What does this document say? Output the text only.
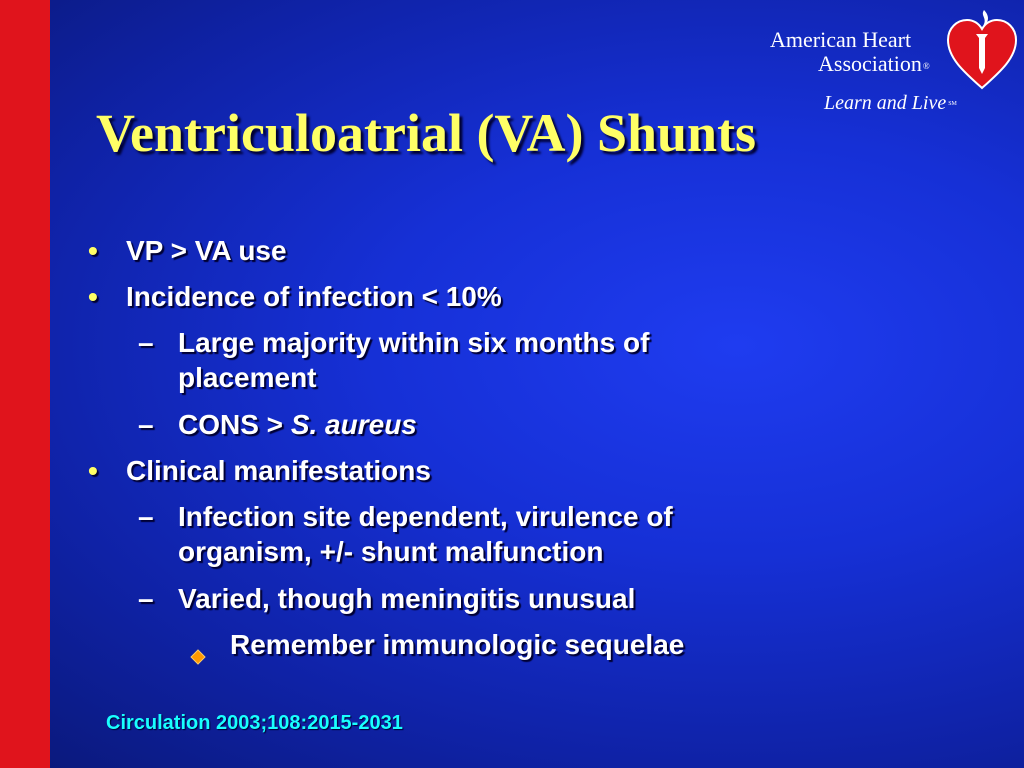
American Heart
Association®
Learn and Live SM
Ventriculoatrial (VA) Shunts
• VP > VA use
• Incidence of infection < 10%
– Large majority within six months of
placement
– CONS > S. aureus
• Clinical manifestations
– Infection site dependent, virulence of
organism, +/- shunt malfunction
– Varied, though meningitis unusual
Remember immunologic sequelae

Circulation 2003;108:2015-2031
